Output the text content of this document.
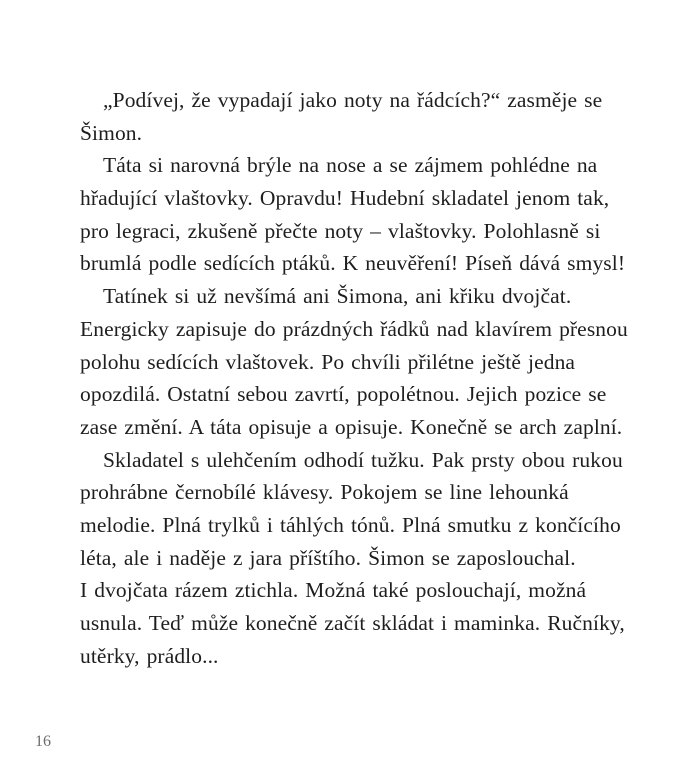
„Podívej, že vypadají jako noty na řádcích?“ zasměje se
Šimon.
Táta si narovná brýle na nose a se zájmem pohlédne na
hřadující vlaštovky. Opravdu! Hudební skladatel jenom tak,
pro legraci, zkušeně přečte noty – vlaštovky. Polohlasně si
brumlá podle sedících ptáků. K neuvěření! Píseň dává smysl!
Tatínek si už nevšímá ani Šimona, ani křiku dvojčat.
Energicky zapisuje do prázdných řádků nad klavírem přesnou
polohu sedících vlaštovek. Po chvíli přilétne ještě jedna
opozdilá. Ostatní sebou zavrtí, popolétnou. Jejich pozice se
zase změní. A táta opisuje a opisuje. Konečně se arch zaplní.
Skladatel s ulehčením odhodí tužku. Pak prsty obou rukou
prohrábne černobílé klávesy. Pokojem se line lehounká
melodie. Plná trylků i táhlých tónů. Plná smutku z končícího
léta, ale i naděje z jara příštího. Šimon se zaposlouchal.
I dvojčata rázem ztichla. Možná také poslouchají, možná
usnula. Teď může konečně začít skládat i maminka. Ručníky,
utěrky, prádlo...
16
